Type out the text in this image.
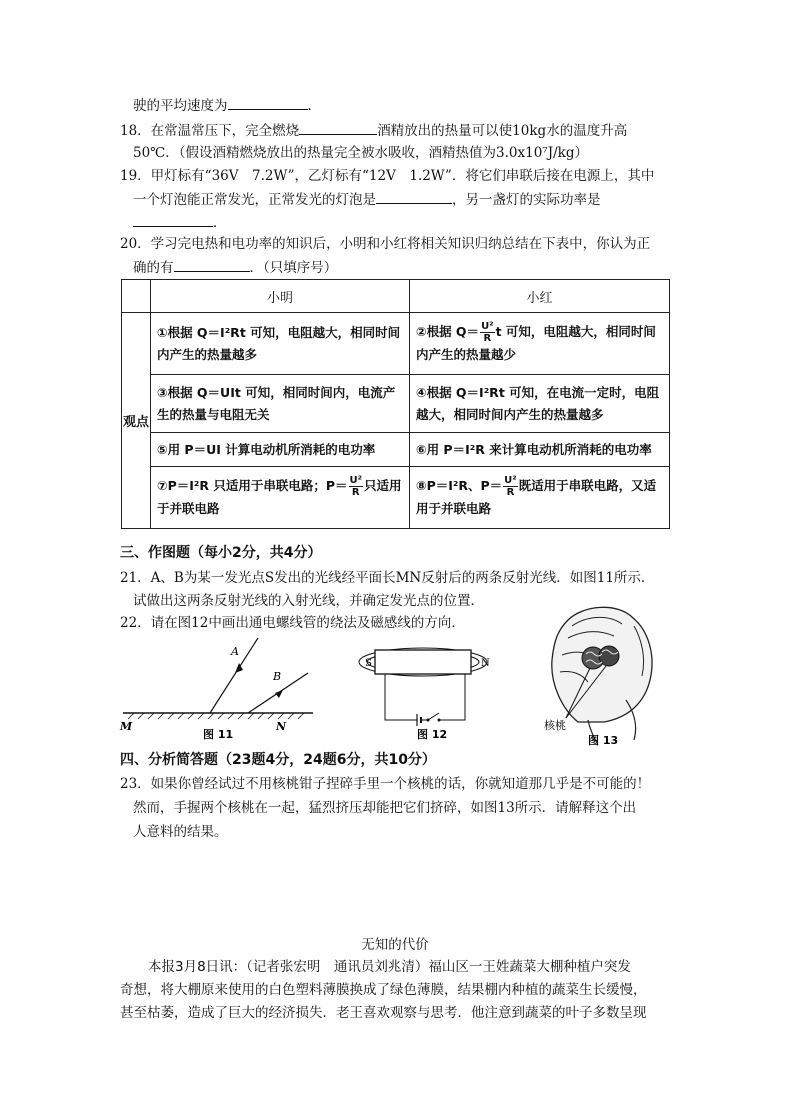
驶的平均速度为	．
18．在常温常压下，完全燃烧	酒精放出的热量可以使10kg水的温度升高
50℃．（假设酒精燃烧放出的热量完全被水吸收，酒精热值为3.0x10⁷J/kg）
19．甲灯标有“36V　7.2W”，乙灯标有“12V　1.2W”．将它们串联后接在电源上，其中
一个灯泡能正常发光，正常发光的灯泡是	，另一盏灯的实际功率是
．
20．学习完电热和电功率的知识后，小明和小红将相关知识归纳总结在下表中，你认为正
确的有	．（只填序号）
	小明	小红
观点	①根据 Q＝I²Rt 可知，电阻越大，相同时间内产生的热量越多	②根据 $Q= \frac{\text{U²}}{R}$ t 可知，电阻越大，相同时间内产生的热量越少
	③根据 Q＝UIt 可知，相同时间内，电流产生的热量与电阻无关	④根据 Q＝I²Rt 可知，在电流一定时，电阻越大，相同时间内产生的热量越多
	⑤用 P＝UI 计算电动机所消耗的电功率	⑥用 P＝I²R 来计算电动机所消耗的电功率
	⑦P＝I²R 只适用于串联电路；$P= \frac{\text{U²}}{R}$ 只适用于并联电路	⑧P＝I²R、$P= \frac{\text{U²}}{R}$ 既适用于串联电路，又适用于并联电路
三、作图题（每小2分，共4分）
21．A、B为某一发光点S发出的光线经平面长MN反射后的两条反射光线．如图11所示．
试做出这两条反射光线的入射光线，并确定发光点的位置．
22．请在图12中画出通电螺线管的绕法及磁感线的方向．
A
B
M	N
图 11
S	N
图 12
核桃
图 13
四、分析简答题（23题4分，24题6分，共10分）
23．如果你曾经试过不用核桃钳子捏碎手里一个核桃的话，你就知道那几乎是不可能的！
然而，手握两个核桃在一起，猛烈挤压却能把它们挤碎，如图13所示．请解释这个出
人意料的结果。
无知的代价
本报3月8日讯：（记者张宏明　通讯员刘兆清）福山区一王姓蔬菜大棚种植户突发
奇想，将大棚原来使用的白色塑料薄膜换成了绿色薄膜，结果棚内种植的蔬菜生长缓慢，
甚至枯萎，造成了巨大的经济损失．老王喜欢观察与思考．他注意到蔬菜的叶子多数呈现
